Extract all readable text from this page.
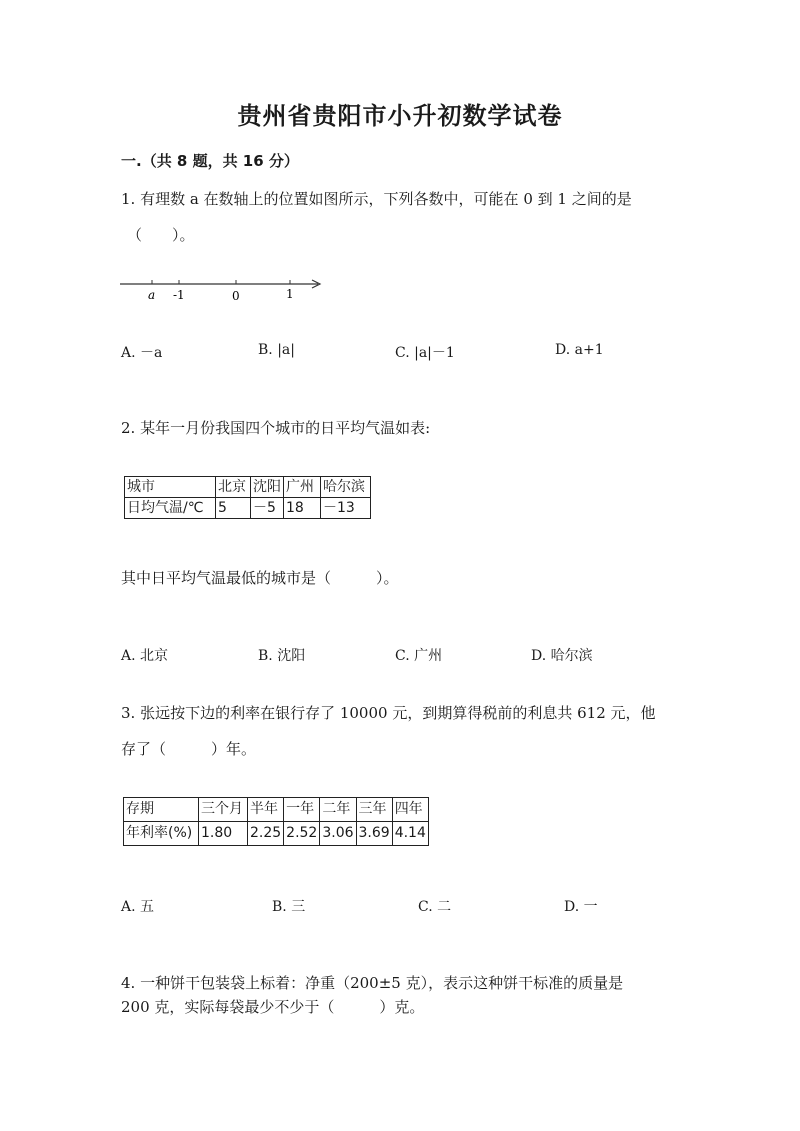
贵州省贵阳市小升初数学试卷
一.（共 8 题，共 16 分）
1. 有理数 a 在数轴上的位置如图所示，下列各数中，可能在 0 到 1 之间的是
（　　）。
a -1	0	1
A. －a	B. |a|	C. |a|－1	D. a+1
2. 某年一月份我国四个城市的日平均气温如表:
城市	北京	沈阳	广州	哈尔滨
日均气温/℃	5	－5	18	－13
其中日平均气温最低的城市是（　　　）。
A. 北京	B. 沈阳	C. 广州	D. 哈尔滨
3. 张远按下边的利率在银行存了 10000 元，到期算得税前的利息共 612 元，他
存了（　　　）年。
存期	三个月	半年	一年	二年	三年	四年
年利率(%)	1.80	2.25	2.52	3.06	3.69	4.14
A. 五	B. 三	C. 二	D. 一
4. 一种饼干包装袋上标着：净重（200±5 克），表示这种饼干标准的质量是
200 克，实际每袋最少不少于（　　　）克。
